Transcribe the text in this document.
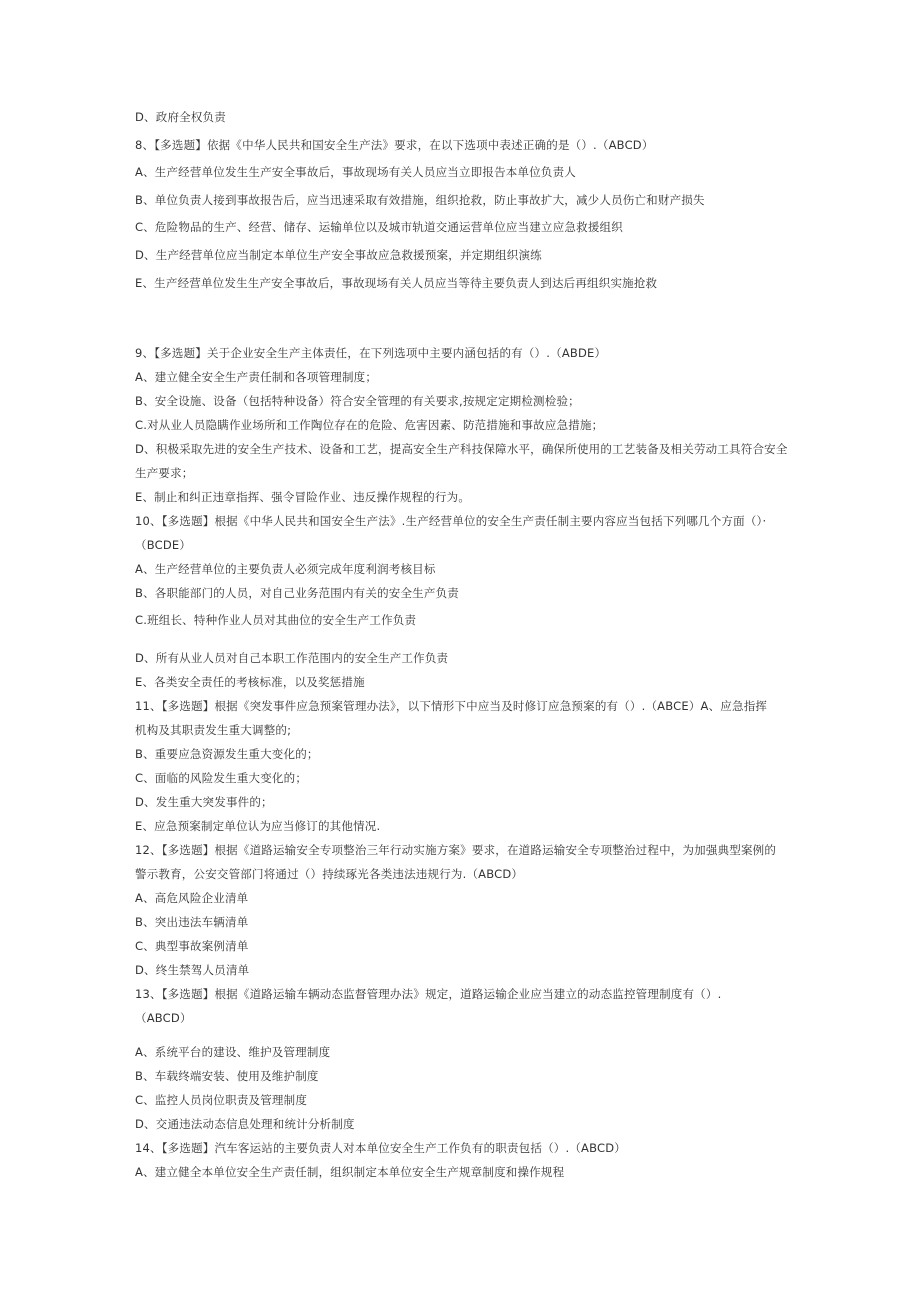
D、政府全权负责
8、【多选题】依据《中华人民共和国安全生产法》要求，在以下选项中表述正确的是（）.（ABCD）
A、生产经营单位发生生产安全事故后，事故现场有关人员应当立即报告本单位负责人
B、单位负责人接到事故报告后，应当迅速采取有效措施，组织抢救，防止事故扩大，减少人员伤亡和财产损失
C、危险物品的生产、经营、储存、运输单位以及城市轨道交通运营单位应当建立应急救援组织
D、生产经营单位应当制定本单位生产安全事故应急救援预案，并定期组织演练
E、生产经营单位发生生产安全事故后，事故现场有关人员应当等待主要负责人到达后再组织实施抢救
9、【多选题】关于企业安全生产主体责任，在下列选项中主要内涵包括的有（）.（ABDE）
A、建立健全安全生产责任制和各项管理制度；
B、安全设施、设备（包括特种设备）符合安全管理的有关要求,按规定定期检测检验；
C.对从业人员隐瞒作业场所和工作陶位存在的危险、危害因素、防范措施和事故应急措施；
D、积极采取先进的安全生产技术、设备和工艺，提高安全生产科技保障水平，确保所使用的工艺装备及相关劳动工具符合安全
生产要求；
E、制止和纠正违章指挥、强令冒险作业、违反操作规程的行为。
10、【多选题】根据《中华人民共和国安全生产法》.生产经营单位的安全生产责任制主要内容应当包括下列哪几个方面（）·
（BCDE）
A、生产经营单位的主要负责人必须完成年度利润考核目标
B、各职能部门的人员，对自己业务范围内有关的安全生产负责
C.班组长、特种作业人员对其曲位的安全生产工作负责
D、所有从业人员对自己本职工作范围内的安全生产工作负责
E、各类安全责任的考核标准，以及奖惩措施
11、【多选题】根据《突发事件应急预案管理办法》，以下情形下中应当及时修订应急预案的有（）.（ABCE）A、应急指挥
机构及其职责发生重大调整的;
B、重要应急资源发生重大变化的；
C、面临的风险发生重大变化的；
D、发生重大突发事件的；
E、应急预案制定单位认为应当修订的其他情况.
12、【多选题】根据《道路运输安全专项整治三年行动实施方案》要求，在道路运输安全专项整治过程中，为加强典型案例的
警示教育，公安交管部门将通过（）持续琢光各类违法违规行为.（ABCD）
A、高危风险企业清单
B、突出违法车辆清单
C、典型事故案例清单
D、终生禁驾人员清单
13、【多选题】根据《道路运输车辆动态监督管理办法》规定，道路运输企业应当建立的动态监控管理制度有（）.
（ABCD）
A、系统平台的建设、维护及管理制度
B、车载终端安装、使用及维护制度
C、监控人员岗位职责及管理制度
D、交通违法动态信息处理和统计分析制度
14、【多选题】汽车客运站的主要负责人对本单位安全生产工作负有的职责包括（）.（ABCD）
A、建立健全本单位安全生产责任制，组织制定本单位安全生产规章制度和操作规程
